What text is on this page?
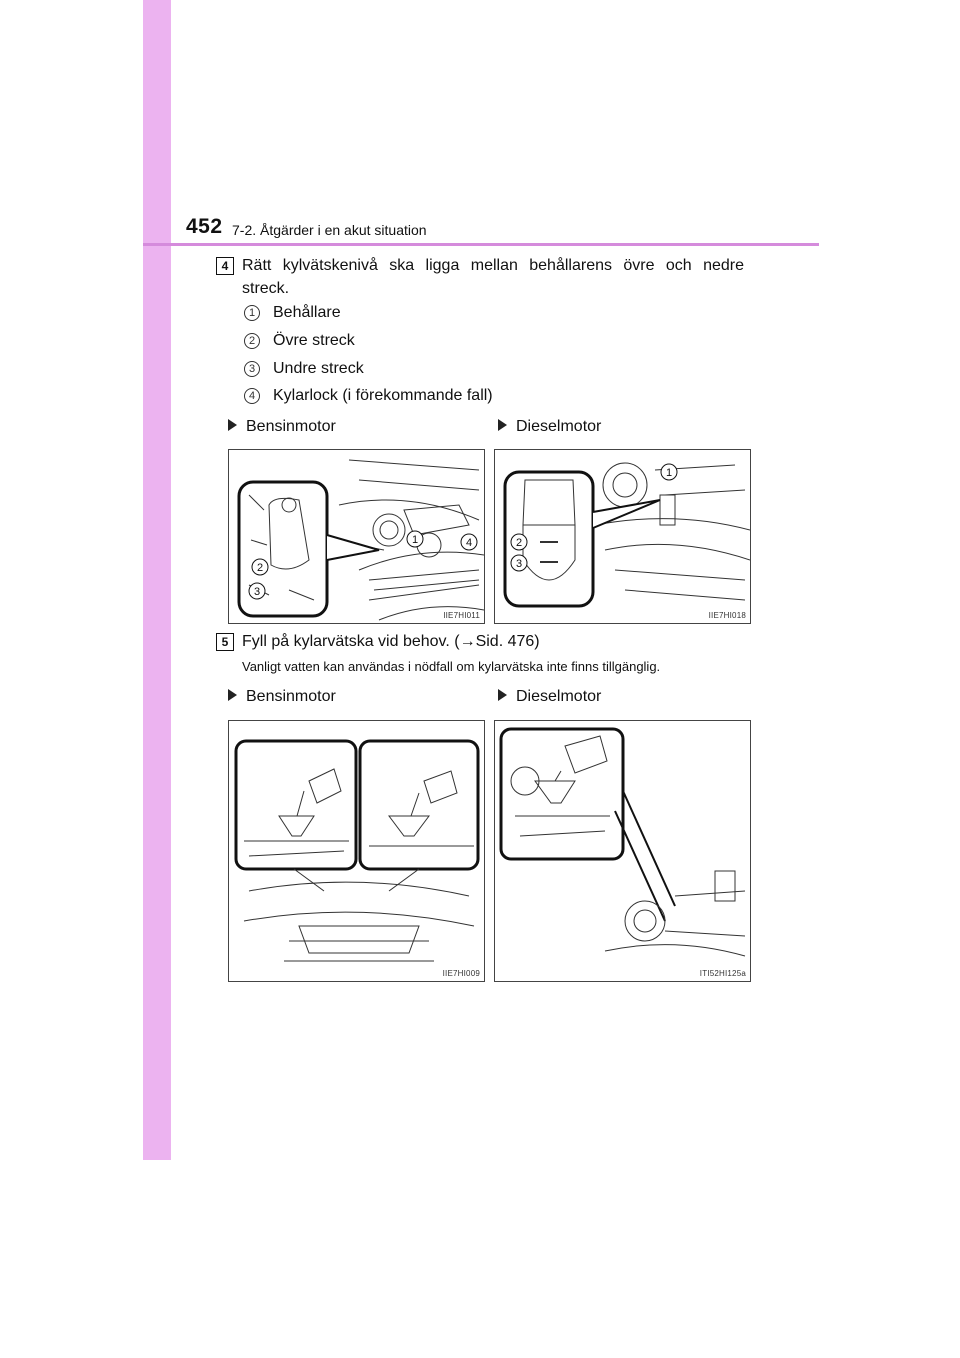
452 7-2. Åtgärder i en akut situation
4 Rätt kylvätskenivå ska ligga mellan behållarens övre och nedre
streck.
1	Behållare
2	Övre streck
3	Undre streck
4	Kylarlock (i förekommande fall)
Bensinmotor	Dieselmotor
1
2
3
4
IIE7HI011
1
2
3
IIE7HI018
5 Fyll på kylarvätska vid behov. (→Sid. 476)
Vanligt vatten kan användas i nödfall om kylarvätska inte finns tillgänglig.
Bensinmotor	Dieselmotor
IIE7HI009	ITI52HI125a
